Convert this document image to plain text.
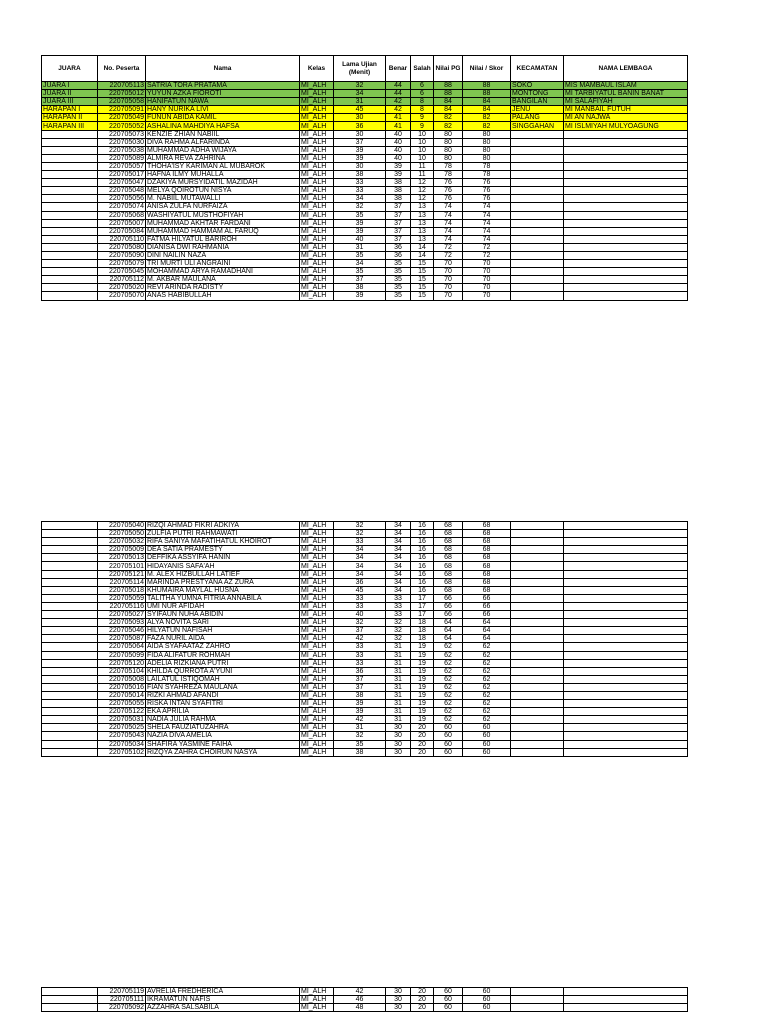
JUARA	No. Peserta	Nama	Kelas	Lama Ujian (Menit)	Benar	Salah	Nilai PG	Nilai / Skor	KECAMATAN	NAMA LEMBAGA
JUARA I	220705113	SATRIA TORA PRATAMA	MI_ALH	32	44	6	88	88	SOKO	MIS MAMBAUL ISLAM
JUARA II	220705012	YUYUN AZKA FIOROTI	MI_ALH	34	44	6	88	88	MONTONG	MI TARBIYATUL BANIN BANAT
JUARA III	220705058	HANIFATUN NAWA	MI_ALH	31	42	8	84	84	BANGILAN	MI SALAFIYAH
HARAPAN I	220705091	HANY NURIKA LIVI	MI_ALH	45	42	8	84	84	JENU	MI MANBAIL FUTUH
HARAPAN II	220705049	FUNUN ABIDA KAMIL	MI_ALH	30	41	9	82	82	PALANG	MI AN NAJWA
HARAPAN III	220705052	ASHALINA MAHDIYA HAFSA	MI_ALH	36	41	9	82	82	SINGGAHAN	MI ISLMIYAH MULYOAGUNG
	220705073	KENZIE ZHIAN NABIIL	MI_ALH	30	40	10	80	80		
	220705030	DIVA RAHMA ALFARINDA	MI_ALH	37	40	10	80	80		
	220705038	MUHAMMAD ADHA WIJAYA	MI_ALH	39	40	10	80	80		
	220705089	ALMIRA REVA ZAHRINA	MI_ALH	39	40	10	80	80		
	220705057	THOHA'ISY KARIMAN AL MUBAROK	MI_ALH	30	39	11	78	78		
	220705017	HAFNA ILMY MUHALLA	MI_ALH	38	39	11	78	78		
	220705047	DZAKIYA MURSYIDATIL MAZIDAH	MI_ALH	33	38	12	76	76		
	220705048	MELYA QOIROTUN NISYA	MI_ALH	33	38	12	76	76		
	220705056	M. NABIIL MUTAWALLI	MI_ALH	34	38	12	76	76		
	220705074	ANISA ZULFA NURFAIZA	MI_ALH	32	37	13	74	74		
	220705068	WASHIYATUL MUSTHOFIYAH	MI_ALH	35	37	13	74	74		
	220705007	MUHAMMAD AKHTAR FARDANI	MI_ALH	39	37	13	74	74		
	220705084	MUHAMMAD HAMMAM AL FARUQ	MI_ALH	39	37	13	74	74		
	220705110	FATMA HILYATUL BARIROH	MI_ALH	40	37	13	74	74		
	220705080	DIANISA DWI RAHMANIA	MI_ALH	31	36	14	72	72		
	220705090	DINI NAILIN NAZA	MI_ALH	35	36	14	72	72		
	220705079	TRI MURTI ULI ANGRAINI	MI_ALH	34	35	15	70	70		
	220705045	MOHAMMAD ARYA RAMADHANI	MI_ALH	35	35	15	70	70		
	220705112	M. AKBAR MAULANA	MI_ALH	37	35	15	70	70		
	220705020	REVI ARINDA RADISTY	MI_ALH	38	35	15	70	70		
	220705070	ANAS HABIBULLAH	MI_ALH	39	35	15	70	70		
	220705040	RIZQI AHMAD FIKRI ADKIYA	MI_ALH	32	34	16	68	68		
	220705050	ZULFIA PUTRI RAHMAWATI	MI_ALH	32	34	16	68	68		
	220705032	RIFA SANIYA MAFATIHATUL KHOIROT	MI_ALH	33	34	16	68	68		
	220705009	DEA SATIA PRAMESTY	MI_ALH	34	34	16	68	68		
	220705013	DEFFIKA ASSYIFA HANIN	MI_ALH	34	34	16	68	68		
	220705101	HIDAYANIS SAFA'AH	MI_ALH	34	34	16	68	68		
	220705121	M. ALEX HIZBULLAH LATIEF	MI_ALH	34	34	16	68	68		
	220705114	MARINDA PRESTYANA AZ ZURA	MI_ALH	36	34	16	68	68		
	220705018	KHUMAIRA MAYLAL HUSNA	MI_ALH	45	34	16	68	68		
	220705059	TALITHA YUMNA FITRIA ANNABILA	MI_ALH	33	33	17	66	66		
	220705116	UMI NUR AFIDAH	MI_ALH	33	33	17	66	66		
	220705027	SYIFAUN NUHA ABIDIN	MI_ALH	40	33	17	66	66		
	220705093	ALYA NOVITA SARI	MI_ALH	32	32	18	64	64		
	220705046	HILYATUN NAFISAH	MI_ALH	37	32	18	64	64		
	220705087	FAZA NURIL AIDA	MI_ALH	42	32	18	64	64		
	220705064	AIDA SYAFAATAZ ZAHRO	MI_ALH	33	31	19	62	62		
	220705099	FIDA ALIFATUR ROHMAH	MI_ALH	33	31	19	62	62		
	220705120	ADELIA RIZKIANA PUTRI	MI_ALH	33	31	19	62	62		
	220705104	KHILDA QURROTA A'YUNI	MI_ALH	36	31	19	62	62		
	220705008	LAILATUL ISTIQOMAH	MI_ALH	37	31	19	62	62		
	220705016	FIAN SYAHREZA MAULANA	MI_ALH	37	31	19	62	62		
	220705014	RIZKI AHMAD AFANDI	MI_ALH	38	31	19	62	62		
	220705055	RISKA INTAN SYAFITRI	MI_ALH	39	31	19	62	62		
	220705122	EKA APRILIA	MI_ALH	39	31	19	62	62		
	220705031	NADIA JULIA RAHMA	MI_ALH	42	31	19	62	62		
	220705025	SHELA FAUZIATUZAHRA	MI_ALH	31	30	20	60	60		
	220705043	NAZIA DIVA AMELIA	MI_ALH	32	30	20	60	60		
	220705034	SHAFIRA YASMINE FAIHA	MI_ALH	35	30	20	60	60		
	220705102	RIZQYA ZAHRA CHOIRUN NASYA	MI_ALH	38	30	20	60	60		
	220705119	AVRELIA FREDHERICA	MI_ALH	42	30	20	60	60		
	220705111	IKRAMATUN NAFIS	MI_ALH	46	30	20	60	60		
	220705092	AZZAHRA SALSABILA	MI_ALH	48	30	20	60	60		
